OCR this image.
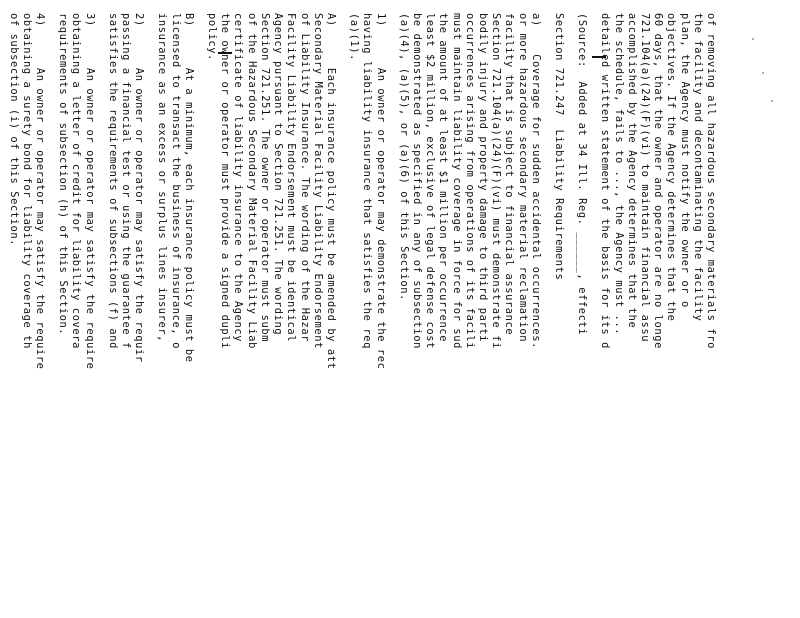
of removing all hazardous secondary materials fro
the facility and decontaminating the facility
plan, the Agency must notify the owner or o
objectives. If the Agency determines that the
60 days, that the owner and operator are no longe
721.104(a)(24)(F)(vi) to maintain financial assu
accomplished by the Agency determines that the
the schedule, fails to ..., the Agency must ...
detailed written statement of the basis for its d
(Source:  Added at 34 Ill. Reg. ______, effecti
Section 721.247  Liability Requirements
a)    Coverage for sudden accidental occurrences.
or more hazardous secondary material reclamation
facility that is subject to financial assurance
Section 721.104(a)(24)(F)(vi) must demonstrate fi
bodily injury and property damage to third parti
occurrences arising from operations of its facili
must maintain liability coverage in force for sud
the amount of at least $1 million per occurrence
least $2 million, exclusive of legal defense cost
be demonstrated as specified in any of subsection
(a)(4), (a)(5), or (a)(6) of this Section.
1)      An owner or operator may demonstrate the rec
having liability insurance that satisfies the req
(a)(1).
A)      Each insurance policy must be amended by att
Secondary Material Facility Liability Endorsement
of Liability Insurance. The wording of the Hazar
Facility Liability Endorsement must be identical
Agency pursuant to Section 721.251. The wording
Section 721.251. The owner or operator must subm
of the Hazardous Secondary Material Facility Liab
certificate of liability insurance to the Agency
the owner or operator must provide a signed dupli
policy.
B)      At a minimum, each insurance policy must be
licensed to transact the business of insurance, o
insurance as an excess or surplus lines insurer,
2)      An owner or operator may satisfy the requir
passing a financial test or using the guarantee f
satisfies the requirements of subsections (f) and
3)      An owner or operator may satisfy the require
obtaining a letter of credit for liability covera
requirements of subsection (h) of this Section.
4)      An owner or operator may satisfy the require
obtaining a surety bond for liability coverage th
of subsection (i) of this Section.
